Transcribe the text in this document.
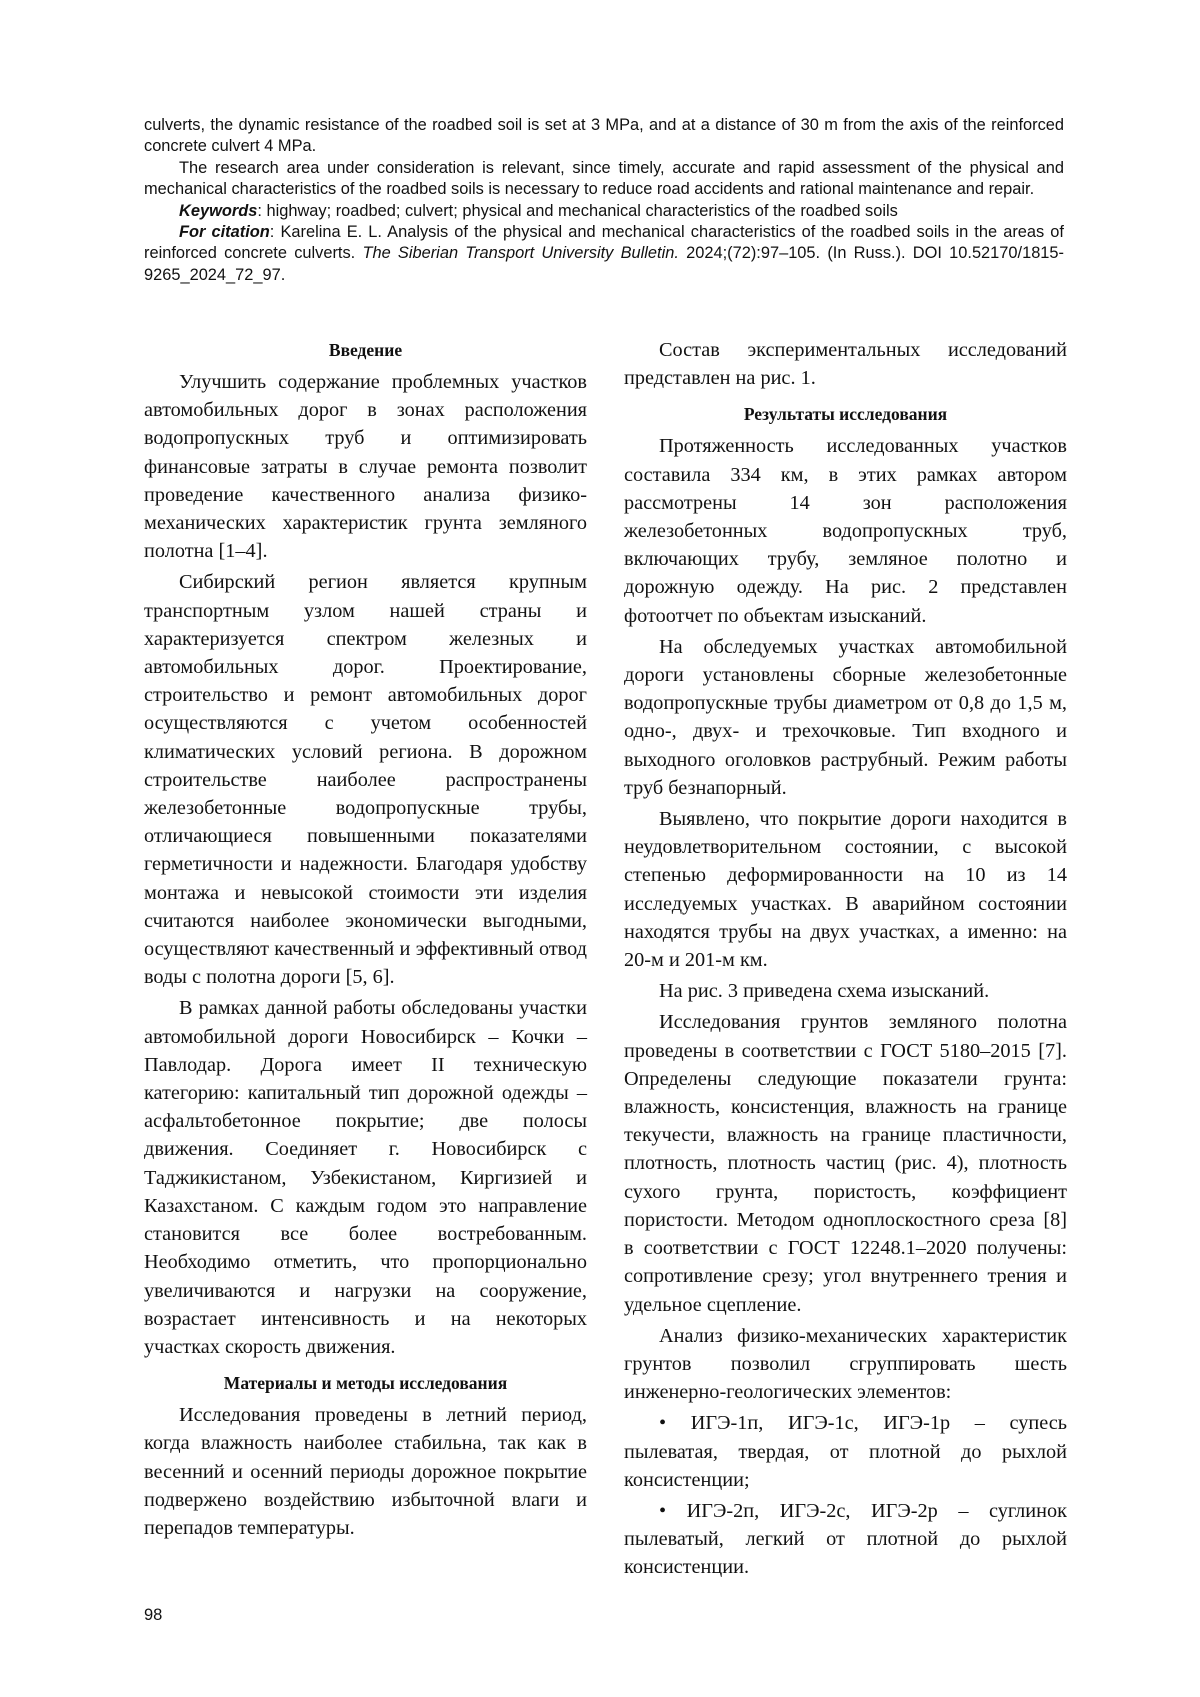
culverts, the dynamic resistance of the roadbed soil is set at 3 MPa, and at a distance of 30 m from the axis of the reinforced concrete culvert 4 MPa.

The research area under consideration is relevant, since timely, accurate and rapid assessment of the physical and mechanical characteristics of the roadbed soils is necessary to reduce road accidents and rational maintenance and repair.

Keywords: highway; roadbed; culvert; physical and mechanical characteristics of the roadbed soils

For citation: Karelina E. L. Analysis of the physical and mechanical characteristics of the roadbed soils in the areas of reinforced concrete culverts. The Siberian Transport University Bulletin. 2024;(72):97–105. (In Russ.). DOI 10.52170/1815-9265_2024_72_97.

Введение

Улучшить содержание проблемных участков автомобильных дорог в зонах расположения водопропускных труб и оптимизировать финансовые затраты в случае ремонта позволит проведение качественного анализа физико-механических характеристик грунта земляного полотна [1–4].

Сибирский регион является крупным транспортным узлом нашей страны и характеризуется спектром железных и автомобильных дорог. Проектирование, строительство и ремонт автомобильных дорог осуществляются с учетом особенностей климатических условий региона. В дорожном строительстве наиболее распространены железобетонные водопропускные трубы, отличающиеся повышенными показателями герметичности и надежности. Благодаря удобству монтажа и невысокой стоимости эти изделия считаются наиболее экономически выгодными, осуществляют качественный и эффективный отвод воды с полотна дороги [5, 6].

В рамках данной работы обследованы участки автомобильной дороги Новосибирск – Кочки – Павлодар. Дорога имеет II техническую категорию: капитальный тип дорожной одежды – асфальтобетонное покрытие; две полосы движения. Соединяет г. Новосибирск с Таджикистаном, Узбекистаном, Киргизией и Казахстаном. С каждым годом это направление становится все более востребованным. Необходимо отметить, что пропорционально увеличиваются и нагрузки на сооружение, возрастает интенсивность и на некоторых участках скорость движения.

Материалы и методы исследования

Исследования проведены в летний период, когда влажность наиболее стабильна, так как в весенний и осенний периоды дорожное покрытие подвержено воздействию избыточной влаги и перепадов температуры.

Состав экспериментальных исследований представлен на рис. 1.

Результаты исследования

Протяженность исследованных участков составила 334 км, в этих рамках автором рассмотрены 14 зон расположения железобетонных водопропускных труб, включающих трубу, земляное полотно и дорожную одежду. На рис. 2 представлен фотоотчет по объектам изысканий.

На обследуемых участках автомобильной дороги установлены сборные железобетонные водопропускные трубы диаметром от 0,8 до 1,5 м, одно-, двух- и трехочковые. Тип входного и выходного оголовков раструбный. Режим работы труб безнапорный.

Выявлено, что покрытие дороги находится в неудовлетворительном состоянии, с высокой степенью деформированности на 10 из 14 исследуемых участках. В аварийном состоянии находятся трубы на двух участках, а именно: на 20-м и 201-м км.

На рис. 3 приведена схема изысканий.

Исследования грунтов земляного полотна проведены в соответствии с ГОСТ 5180–2015 [7]. Определены следующие показатели грунта: влажность, консистенция, влажность на границе текучести, влажность на границе пластичности, плотность, плотность частиц (рис. 4), плотность сухого грунта, пористость, коэффициент пористости. Методом одноплоскостного среза [8] в соответствии с ГОСТ 12248.1–2020 получены: сопротивление срезу; угол внутреннего трения и удельное сцепление.

Анализ физико-механических характеристик грунтов позволил сгруппировать шесть инженерно-геологических элементов:

• ИГЭ-1п, ИГЭ-1с, ИГЭ-1р – супесь пылеватая, твердая, от плотной до рыхлой консистенции;

• ИГЭ-2п, ИГЭ-2с, ИГЭ-2р – суглинок пылеватый, легкий от плотной до рыхлой консистенции.

98
